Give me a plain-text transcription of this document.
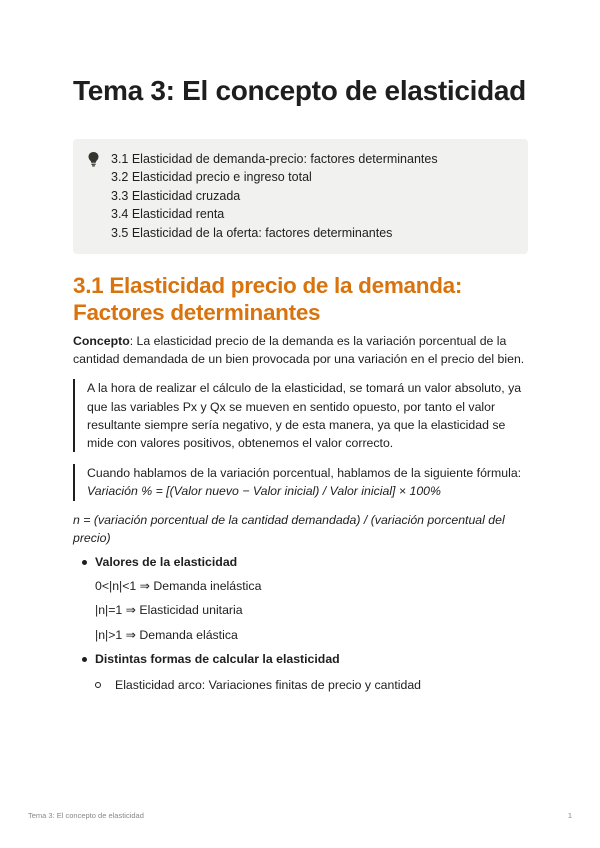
Tema 3: El concepto de elasticidad
3.1 Elasticidad de demanda-precio: factores determinantes
3.2 Elasticidad precio e ingreso total
3.3 Elasticidad cruzada
3.4 Elasticidad renta
3.5 Elasticidad de la oferta: factores determinantes
3.1 Elasticidad precio de la demanda: Factores determinantes

Concepto: La elasticidad precio de la demanda es la variación porcentual de la cantidad demandada de un bien provocada por una variación en el precio del bien.

A la hora de realizar el cálculo de la elasticidad, se tomará un valor absoluto, ya que las variables Px y Qx se mueven en sentido opuesto, por tanto el valor resultante siempre sería negativo, y de esta manera, ya que la elasticidad se mide con valores positivos, obtenemos el valor correcto.
Cuando hablamos de la variación porcentual, hablamos de la siguiente fórmula: Variación % = [(Valor nuevo − Valor inicial) / Valor inicial] × 100%
n = (variación porcentual de la cantidad demandada) / (variación porcentual del precio)
Valores de la elasticidad
0<|n|<1 ⇒ Demanda inelástica
|n|=1 ⇒ Elasticidad unitaria
|n|>1 ⇒ Demanda elástica
Distintas formas de calcular la elasticidad
Elasticidad arco: Variaciones finitas de precio y cantidad
Tema 3: El concepto de elasticidad	1
